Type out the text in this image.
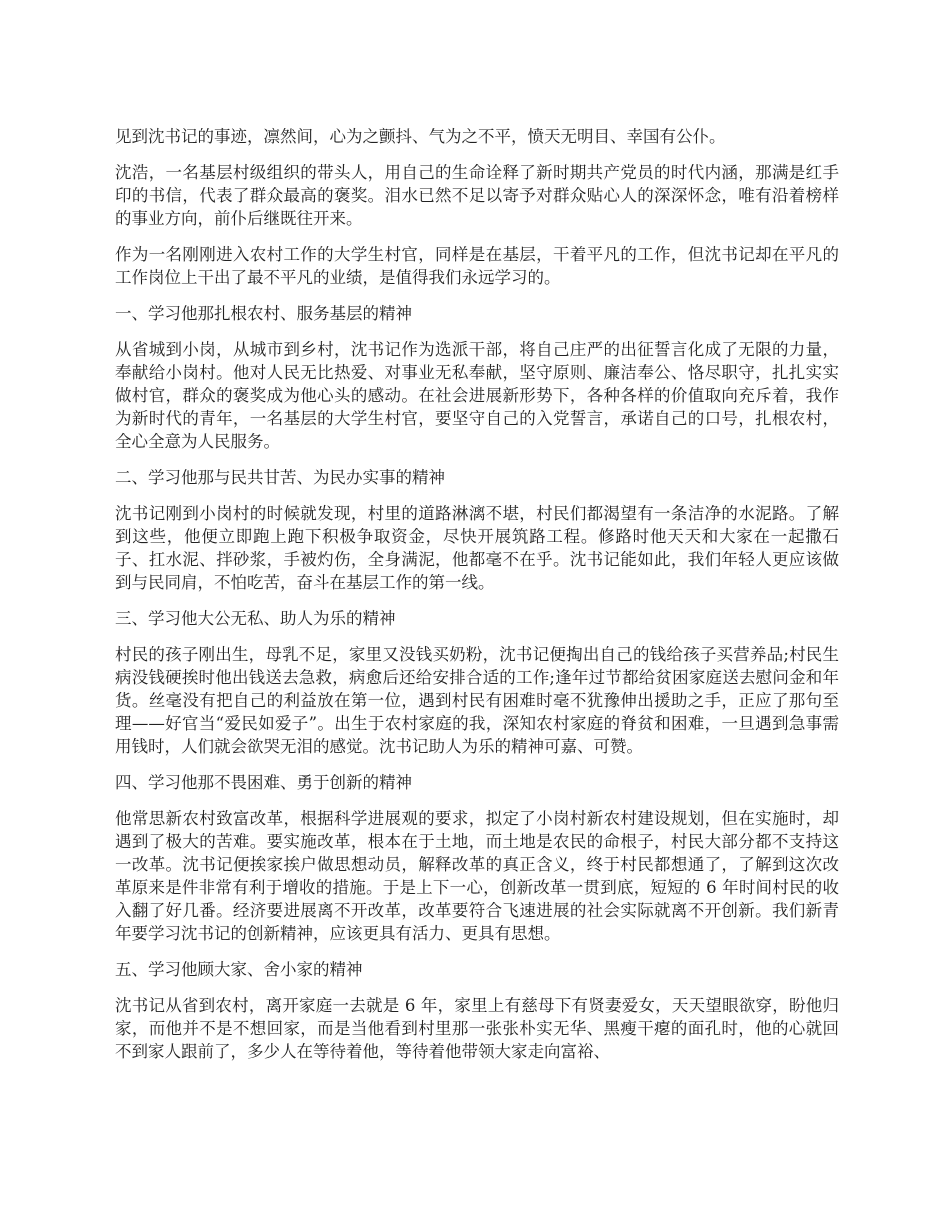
见到沈书记的事迹，凛然间，心为之颤抖、气为之不平，愤天无明目、幸国有公仆。

沈浩，一名基层村级组织的带头人，用自己的生命诠释了新时期共产党员的时代内涵，那满是红手印的书信，代表了群众最高的褒奖。泪水已然不足以寄予对群众贴心人的深深怀念，唯有沿着榜样的事业方向，前仆后继既往开来。

作为一名刚刚进入农村工作的大学生村官，同样是在基层，干着平凡的工作，但沈书记却在平凡的工作岗位上干出了最不平凡的业绩，是值得我们永远学习的。

一、学习他那扎根农村、服务基层的精神

从省城到小岗，从城市到乡村，沈书记作为选派干部，将自己庄严的出征誓言化成了无限的力量，奉献给小岗村。他对人民无比热爱、对事业无私奉献，坚守原则、廉洁奉公、恪尽职守，扎扎实实做村官，群众的褒奖成为他心头的感动。在社会进展新形势下，各种各样的价值取向充斥着，我作为新时代的青年，一名基层的大学生村官，要坚守自己的入党誓言，承诺自己的口号，扎根农村，全心全意为人民服务。

二、学习他那与民共甘苦、为民办实事的精神

沈书记刚到小岗村的时候就发现，村里的道路淋漓不堪，村民们都渴望有一条洁净的水泥路。了解到这些，他便立即跑上跑下积极争取资金，尽快开展筑路工程。修路时他天天和大家在一起撒石子、扛水泥、拌砂浆，手被灼伤，全身满泥，他都毫不在乎。沈书记能如此，我们年轻人更应该做到与民同肩，不怕吃苦，奋斗在基层工作的第一线。

三、学习他大公无私、助人为乐的精神

村民的孩子刚出生，母乳不足，家里又没钱买奶粉，沈书记便掏出自己的钱给孩子买营养品;村民生病没钱硬挨时他出钱送去急救，病愈后还给安排合适的工作;逢年过节都给贫困家庭送去慰问金和年货。丝毫没有把自己的利益放在第一位，遇到村民有困难时毫不犹豫伸出援助之手，正应了那句至理——好官当“爱民如爱子”。出生于农村家庭的我，深知农村家庭的脊贫和困难，一旦遇到急事需用钱时，人们就会欲哭无泪的感觉。沈书记助人为乐的精神可嘉、可赞。

四、学习他那不畏困难、勇于创新的精神

他常思新农村致富改革，根据科学进展观的要求，拟定了小岗村新农村建设规划，但在实施时，却遇到了极大的苦难。要实施改革，根本在于土地，而土地是农民的命根子，村民大部分都不支持这一改革。沈书记便挨家挨户做思想动员，解释改革的真正含义，终于村民都想通了，了解到这次改革原来是件非常有利于增收的措施。于是上下一心，创新改革一贯到底，短短的 6 年时间村民的收入翻了好几番。经济要进展离不开改革，改革要符合飞速进展的社会实际就离不开创新。我们新青年要学习沈书记的创新精神，应该更具有活力、更具有思想。

五、学习他顾大家、舍小家的精神

沈书记从省到农村，离开家庭一去就是 6 年，家里上有慈母下有贤妻爱女，天天望眼欲穿，盼他归家，而他并不是不想回家，而是当他看到村里那一张张朴实无华、黑瘦干瘪的面孔时，他的心就回不到家人跟前了，多少人在等待着他，等待着他带领大家走向富裕、
